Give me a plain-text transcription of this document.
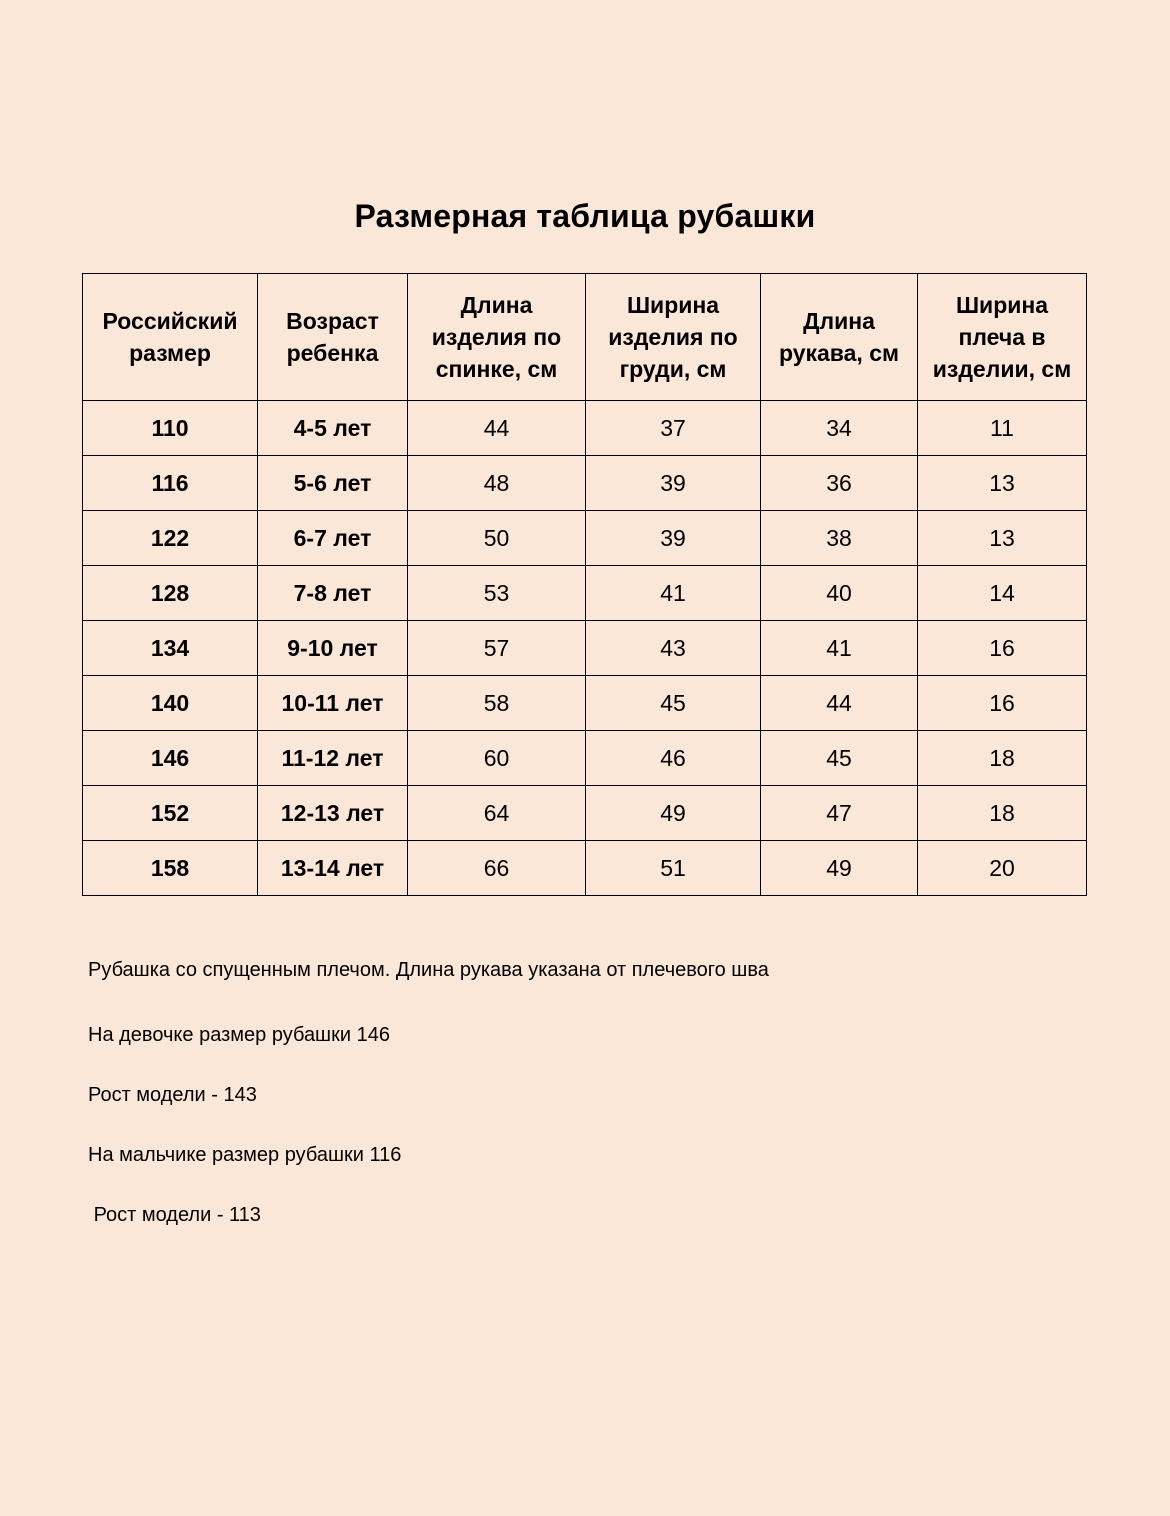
Размерная таблица рубашки
Российский размер	Возраст ребенка	Длина изделия по спинке, см	Ширина изделия по груди, см	Длина рукава, см	Ширина плеча в изделии, см
110	4-5 лет	44	37	34	11
116	5-6 лет	48	39	36	13
122	6-7 лет	50	39	38	13
128	7-8 лет	53	41	40	14
134	9-10 лет	57	43	41	16
140	10-11 лет	58	45	44	16
146	11-12 лет	60	46	45	18
152	12-13 лет	64	49	47	18
158	13-14 лет	66	51	49	20

Рубашка со спущенным плечом. Длина рукава указана от плечевого шва

На девочке размер рубашки 146

Рост модели - 143

На мальчике размер рубашки 116

Рост модели - 113
